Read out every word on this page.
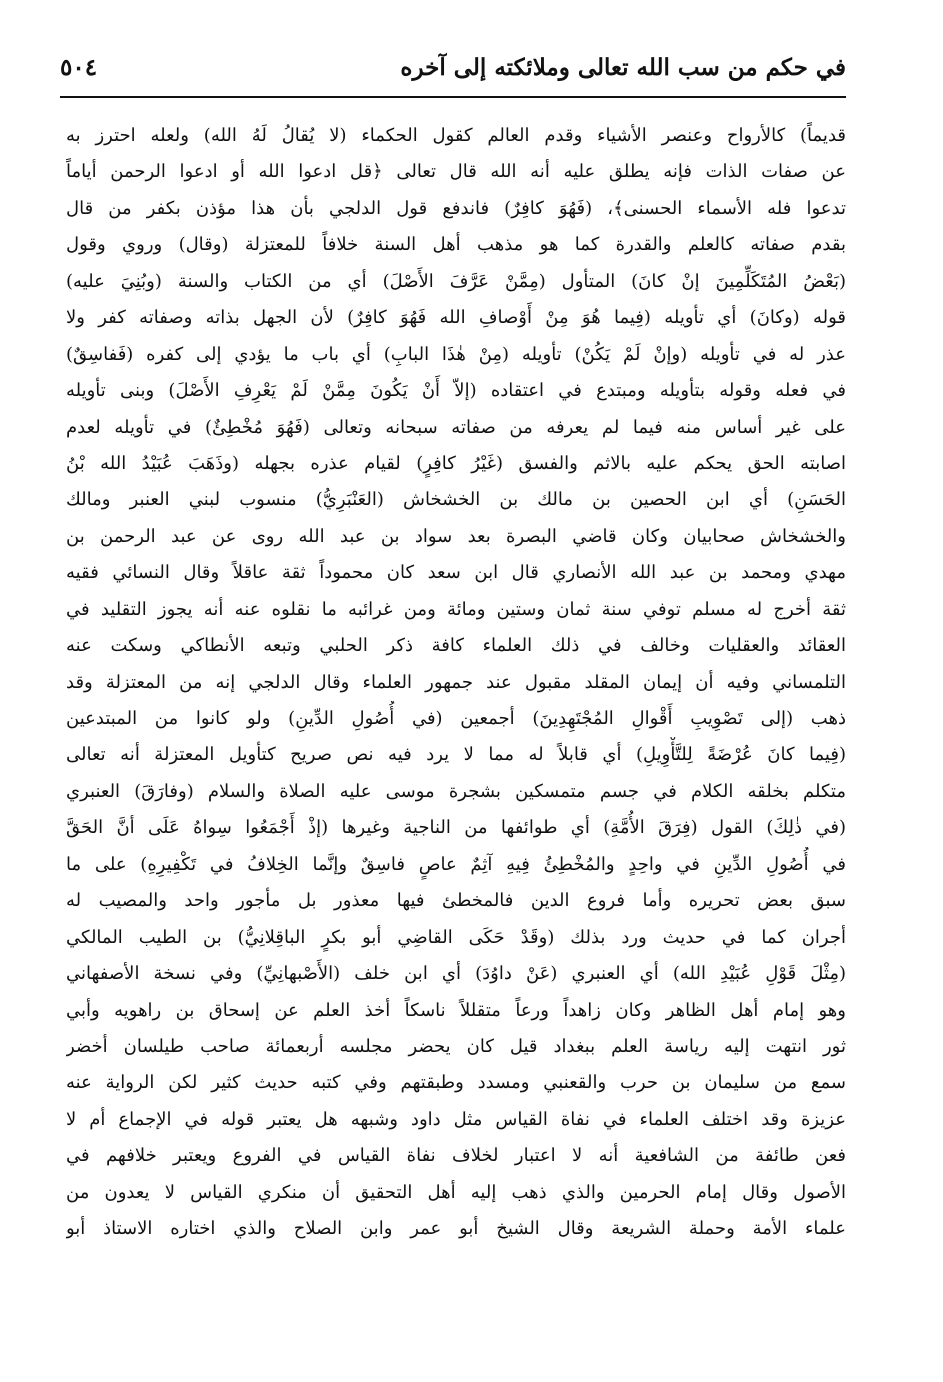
في حكم من سب الله تعالى وملائكته إلى آخره
٥٠٤
قديماً) كالأرواح وعنصر الأشياء وقدم العالم كقول الحكماء (لا يُقالُ لَهُ الله) ولعله احترز به
عن صفات الذات فإنه يطلق عليه أنه الله قال تعالى ﴿قل ادعوا الله أو ادعوا الرحمن أياماً
تدعوا فله الأسماء الحسنى﴾، (فَهُوَ كافِرٌ) فاندفع قول الدلجي بأن هذا مؤذن بكفر من قال
بقدم صفاته كالعلم والقدرة كما هو مذهب أهل السنة خلافاً للمعتزلة (وقال) وروي وقول
(بَعْضُ المُتَكَلِّمِينَ إنْ كانَ) المتأول (مِمَّنْ عَرَّفَ الأَصْلَ) أي من الكتاب والسنة (وبُنِيَ عليه)
قوله (وكانَ) أي تأويله (فِيما هُوَ مِنْ أَوْصافِ الله فَهُوَ كافِرٌ) لأن الجهل بذاته وصفاته كفر ولا
عذر له في تأويله (وإنْ لَمْ يَكُنْ) تأويله (مِنْ هٰذَا البابِ) أي باب ما يؤدي إلى كفره (فَفاسِقٌ)
في فعله وقوله بتأويله ومبتدع في اعتقاده (إلاّ أَنْ يَكُونَ مِمَّنْ لَمْ يَعْرِفِ الأَصْلَ) وبنى تأويله
على غير أساس منه فيما لم يعرفه من صفاته سبحانه وتعالى (فَهُوَ مُخْطِئٌ) في تأويله لعدم
اصابته الحق يحكم عليه بالاثم والفسق (غَيْرُ كافِرٍ) لقيام عذره بجهله (وذَهَبَ عُبَيْدُ الله بْنُ
الحَسَنِ) أي ابن الحصين بن مالك بن الخشخاش (العَنْبَرِيُّ) منسوب لبني العنبر ومالك
والخشخاش صحابيان وكان قاضي البصرة بعد سواد بن عبد الله روى عن عبد الرحمن بن
مهدي ومحمد بن عبد الله الأنصاري قال ابن سعد كان محموداً ثقة عاقلاً وقال النسائي فقيه
ثقة أخرج له مسلم توفي سنة ثمان وستين ومائة ومن غرائبه ما نقلوه عنه أنه يجوز التقليد في
العقائد والعقليات وخالف في ذلك العلماء كافة ذكر الحلبي وتبعه الأنطاكي وسكت عنه
التلمساني وفيه أن إيمان المقلد مقبول عند جمهور العلماء وقال الدلجي إنه من المعتزلة وقد
ذهب (إلى تَصْوِيبِ أَقْوالِ المُجْتَهِدِينَ) أجمعين (في أُصُولِ الدِّينِ) ولو كانوا من المبتدعين
(فِيما كانَ عُرْضَةً لِلتَّأْوِيلِ) أي قابلاً له مما لا يرد فيه نص صريح كتأويل المعتزلة أنه تعالى
متكلم بخلقه الكلام في جسم متمسكين بشجرة موسى عليه الصلاة والسلام (وفارَقَ) العنبري
(في ذٰلِكَ) القول (فِرَقَ الأُمَّةِ) أي طوائفها من الناجية وغيرها (إذْ أَجْمَعُوا سِواهُ عَلَى أنَّ الحَقَّ
في أُصُولِ الدِّينِ في واحِدٍ والمُخْطِئُ فِيهِ آثِمٌ عاصٍ فاسِقٌ وإنَّما الخِلافُ في تَكْفِيرِهِ) على ما
سبق بعض تحريره وأما فروع الدين فالمخطئ فيها معذور بل مأجور واحد والمصيب له
أجران كما في حديث ورد بذلك (وقَدْ حَكَى القاضِي أبو بكرٍ الباقِلانِيُّ) بن الطيب المالكي
(مِثْلَ قَوْلِ عُبَيْدِ الله) أي العنبري (عَنْ داوُدَ) أي ابن خلف (الأَصْبهانِيِّ) وفي نسخة الأصفهاني
وهو إمام أهل الظاهر وكان زاهداً ورعاً متقللاً ناسكاً أخذ العلم عن إسحاق بن راهويه وأبي
ثور انتهت إليه رياسة العلم ببغداد قيل كان يحضر مجلسه أربعمائة صاحب طيلسان أخضر
سمع من سليمان بن حرب والقعنبي ومسدد وطبقتهم وفي كتبه حديث كثير لكن الرواية عنه
عزيزة وقد اختلف العلماء في نفاة القياس مثل داود وشبهه هل يعتبر قوله في الإجماع أم لا
فعن طائفة من الشافعية أنه لا اعتبار لخلاف نفاة القياس في الفروع ويعتبر خلافهم في
الأصول وقال إمام الحرمين والذي ذهب إليه أهل التحقيق أن منكري القياس لا يعدون من
علماء الأمة وحملة الشريعة وقال الشيخ أبو عمر وابن الصلاح والذي اختاره الاستاذ أبو
